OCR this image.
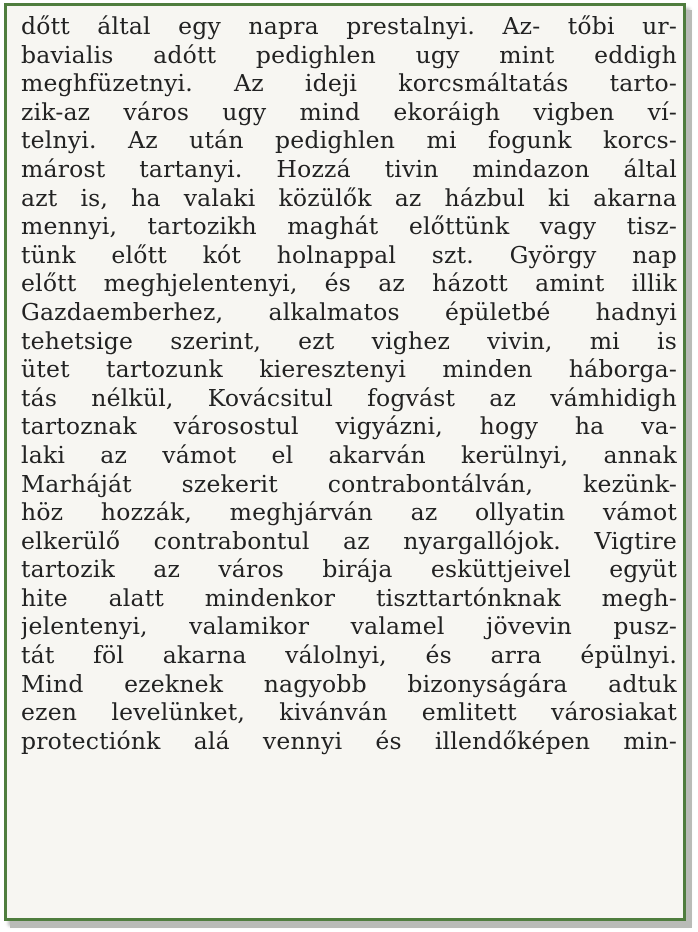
dőtt által egy napra prestalnyi. Az- tőbi ur-
bavialis adótt pedighlen ugy mint eddigh
meghfüzetnyi. Az ideji korcsmáltatás tarto-
zik-az város ugy mind ekoráigh vigben ví-
telnyi. Az után pedighlen mi fogunk korcs-
márost tartanyi. Hozzá tivin mindazon által
azt is, ha valaki közülők az házbul ki akarna
mennyi, tartozikh maghát előttünk vagy tisz-
tünk előtt kót holnappal szt. György nap
előtt meghjelentenyi, és az házott amint illik
Gazdaemberhez, alkalmatos épületbé hadnyi
tehetsige szerint, ezt vighez vivin, mi is
ütet tartozunk kieresztenyi minden háborga-
tás nélkül, Kovácsitul fogvást az vámhidigh
tartoznak városostul vigyázni, hogy ha va-
laki az vámot el akarván kerülnyi, annak
Marháját szekerit contrabontálván, kezünk-
höz hozzák, meghjárván az ollyatin vámot
elkerülő contrabontul az nyargallójok. Vigtire
tartozik az város birája esküttjeivel együt
hite alatt mindenkor tiszttartónknak megh-
jelentenyi, valamikor valamel jövevin pusz-
tát föl akarna válolnyi, és arra épülnyi.
Mind ezeknek nagyobb bizonyságára adtuk
ezen levelünket, kivánván emlitett városiakat
protectiónk alá vennyi és illendőképen min-
